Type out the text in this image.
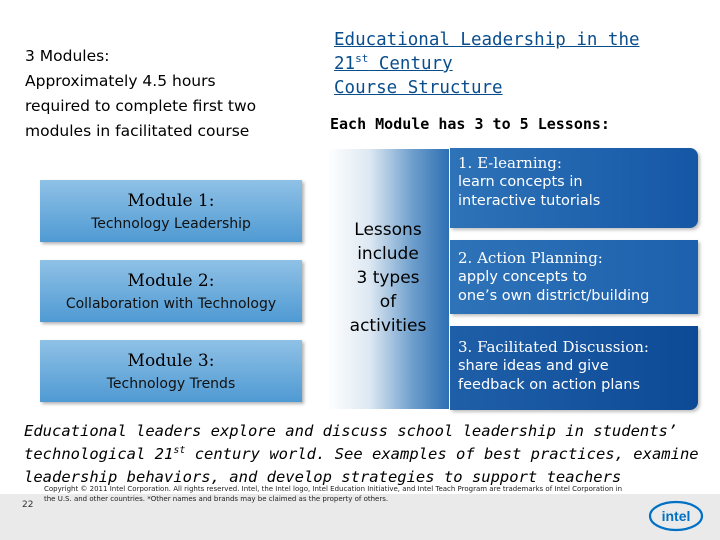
3 Modules:
Approximately 4.5 hours
required to complete first two
modules in facilitated course
Educational Leadership in the
21st Century
Course Structure
Each Module has 3 to 5 Lessons:
Module 1:
Technology Leadership
Module 2:
Collaboration with Technology
Module 3:
Technology Trends
Lessons
include
3 types
of
activities
1. E-learning:
learn concepts in
interactive tutorials
2. Action Planning:
apply concepts to
one’s own district/building
3. Facilitated Discussion:
share ideas and give
feedback on action plans
Educational leaders explore and discuss school leadership in students’
technological 21st century world. See examples of best practices, examine
leadership behaviors, and develop strategies to support teachers
22
Copyright © 2011 Intel Corporation. All rights reserved. Intel, the Intel logo, Intel Education Initiative, and Intel Teach Program are trademarks of Intel Corporation in
the U.S. and other countries. *Other names and brands may be claimed as the property of others.
intel
